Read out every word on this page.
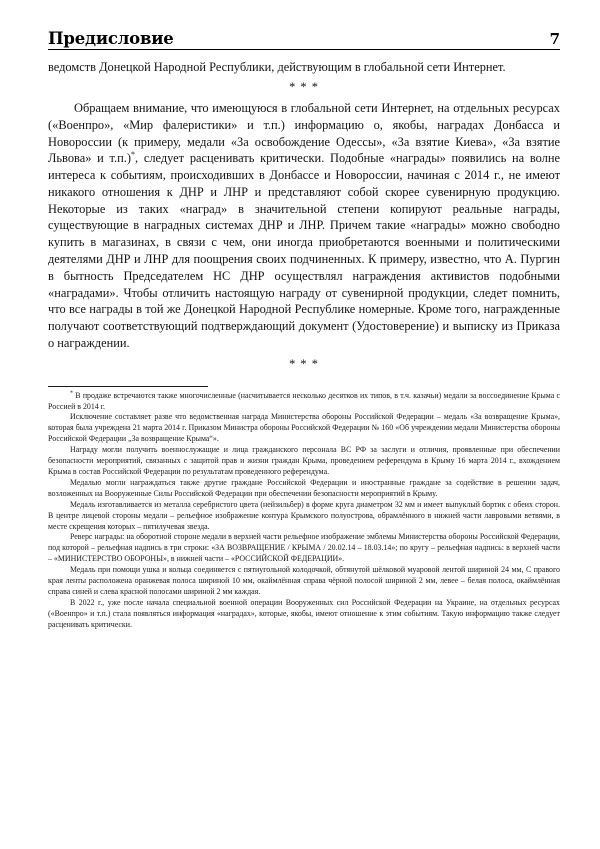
Предисловие	7

ведомств Донецкой Народной Республики, действующим в глобальной сети Интернет.

* * *

Обращаем внимание, что имеющуюся в глобальной сети Интернет, на отдельных ресурсах («Военпро», «Мир фалеристики» и т.п.) информацию о, якобы, наградах Донбасса и Новороссии (к примеру, медали «За освобождение Одессы», «За взятие Киева», «За взятие Львова» и т.п.)*, следует расценивать критически. Подобные «награды» появились на волне интереса к событиям, происходивших в Донбассе и Новороссии, начиная с 2014 г., не имеют никакого отношения к ДНР и ЛНР и представляют собой скорее сувенирную продукцию. Некоторые из таких «наград» в значительной степени копируют реальные награды, существующие в наградных системах ДНР и ЛНР. Причем такие «награды» можно свободно купить в магазинах, в связи с чем, они иногда приобретаются военными и политическими деятелями ДНР и ЛНР для поощрения своих подчиненных. К примеру, известно, что А. Пургин в бытность Председателем НС ДНР осуществлял награждения активистов подобными «наградами». Чтобы отличить настоящую награду от сувенирной продукции, следет помнить, что все награды в той же Донецкой Народной Республике номерные. Кроме того, награжденные получают соответствующий подтверждающий документ (Удостоверение) и выписку из Приказа о награждении.

* * *

* В продаже встречаются также многочисленные (насчитывается несколько десятков их типов, в т.ч. казачьи) медали за воссоединение Крыма с Россией в 2014 г.

Исключение составляет разве что ведомственная награда Министерства обороны Российской Федерации – медаль «За возвращение Крыма», которая была учреждена 21 марта 2014 г. Приказом Министра обороны Российской Федерации № 160 «Об учреждении медали Министерства обороны Российской Федерации „За возвращение Крыма“».

Награду могли получить военнослужащие и лица гражданского персонала ВС РФ за заслуги и отличия, проявленные при обеспечении безопасности мероприятий, связанных с защитой прав и жизни граждан Крыма, проведением референдума в Крыму 16 марта 2014 г., вхождением Крыма в состав Российской Федерации по результатам проведенного референдума.

Медалью могли награждаться также другие граждане Российской Федерации и иностранные граждане за содействие в решении задач, возложенных на Вооруженные Силы Российской Федерации при обеспечении безопасности мероприятий в Крыму.

Медаль изготавливается из металла серебристого цвета (нейзильбер) в форме круга диаметром 32 мм и имеет выпуклый бортик с обеих сторон. В центре лицевой стороны медали – рельефное изображение контура Крымского полуострова, обрамлённого в нижней части лавровыми ветвями, в месте скрещения которых – пятилучевая звезда.

Реверс награды: на оборотной стороне медали в верхней части рельефное изображение эмблемы Министерства обороны Российской Федерации, под которой – рельефная надпись в три строки: «ЗА ВОЗВРАЩЕНИЕ / КРЫМА / 20.02.14 – 18.03.14»; по кругу – рельефная надпись: в верхней части – «МИНИСТЕРСТВО ОБОРОНЫ», в нижней части – «РОССИЙСКОЙ ФЕДЕРАЦИИ».

Медаль при помощи ушка и кольца соединяется с пятиугольной колодочкой, обтянутой шёлковой муаровой лентой шириной 24 мм, С правого края ленты расположена оранжевая полоса шириной 10 мм, окаймлённая справа чёрной полосой шириной 2 мм, левее – белая полоса, окаймлённая справа синей и слева красной полосами шириной 2 мм каждая.

В 2022 г., уже после начала специальной военной операции Вооруженных сил Российской Федерации на Украине, на отдельных ресурсах («Военпро» и т.п.) стала появляться информация «наградах», которые, якобы, имеют отношение к этим событиям. Такую информацию также следует расценивать критически.
